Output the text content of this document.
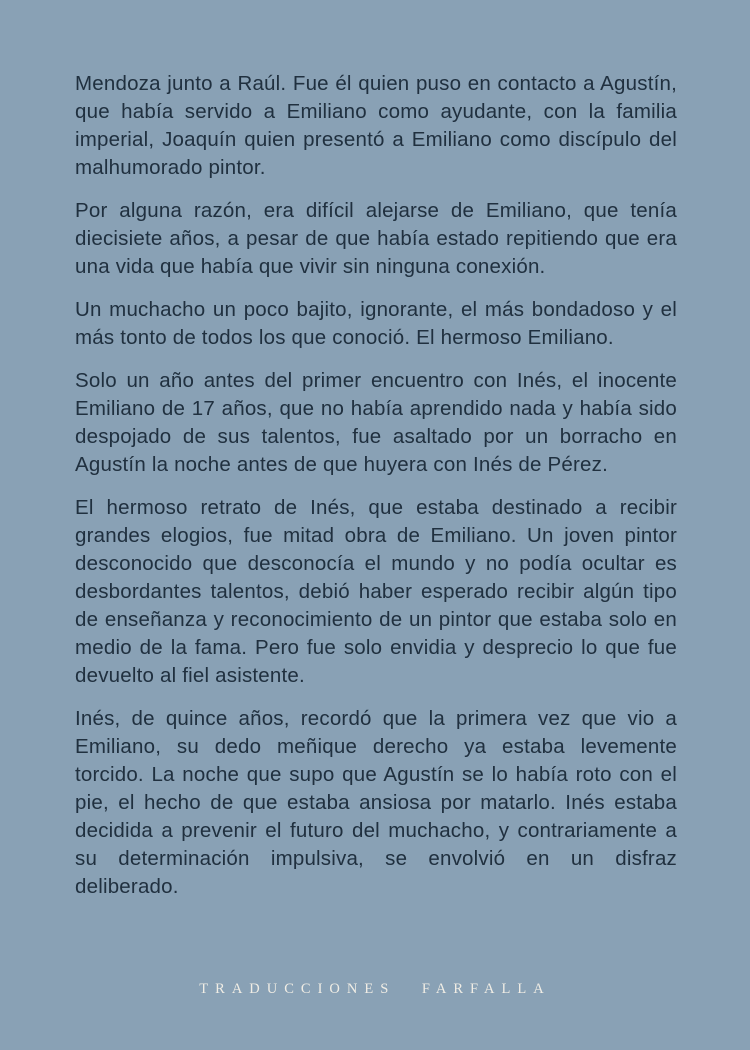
Mendoza junto a Raúl. Fue él quien puso en contacto a Agustín, que había servido a Emiliano como ayudante, con la familia imperial, Joaquín quien presentó a Emiliano como discípulo del malhumorado pintor.

Por alguna razón, era difícil alejarse de Emiliano, que tenía diecisiete años, a pesar de que había estado repitiendo que era una vida que había que vivir sin ninguna conexión.

Un muchacho un poco bajito, ignorante, el más bondadoso y el más tonto de todos los que conoció. El hermoso Emiliano.

Solo un año antes del primer encuentro con Inés, el inocente Emiliano de 17 años, que no había aprendido nada y había sido despojado de sus talentos, fue asaltado por un borracho en Agustín la noche antes de que huyera con Inés de Pérez.

El hermoso retrato de Inés, que estaba destinado a recibir grandes elogios, fue mitad obra de Emiliano. Un joven pintor desconocido que desconocía el mundo y no podía ocultar es desbordantes talentos, debió haber esperado recibir algún tipo de enseñanza y reconocimiento de un pintor que estaba solo en medio de la fama. Pero fue solo envidia y desprecio lo que fue devuelto al fiel asistente.

Inés, de quince años, recordó que la primera vez que vio a Emiliano, su dedo meñique derecho ya estaba levemente torcido. La noche que supo que Agustín se lo había roto con el pie, el hecho de que estaba ansiosa por matarlo. Inés estaba decidida a prevenir el futuro del muchacho, y contrariamente a su determinación impulsiva, se envolvió en un disfraz deliberado.

TRADUCCIONES FARFALLA
